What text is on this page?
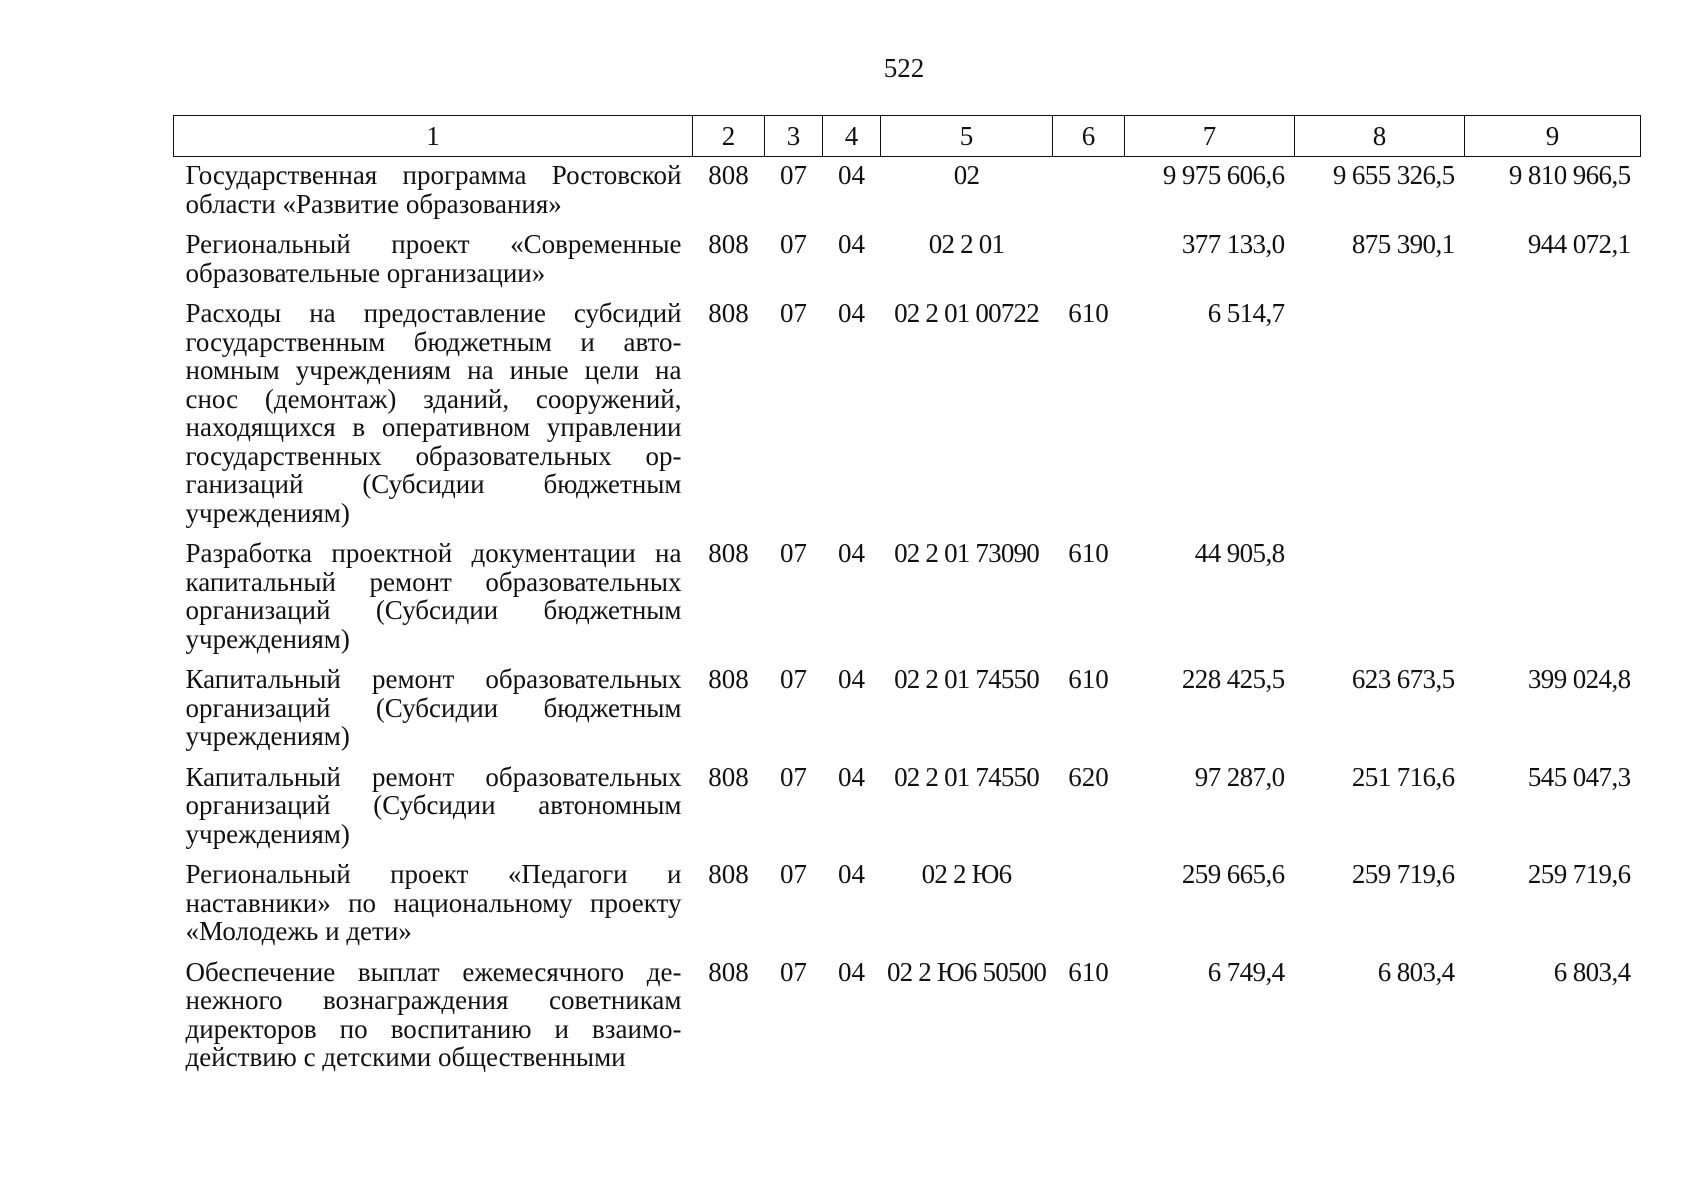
522
1	2	3	4	5	6	7	8	9
Государственная программа Ростовской области «Развитие образования»	808	07	04	02		9 975 606,6	9 655 326,5	9 810 966,5
Региональный проект «Современные образовательные организации»	808	07	04	02 2 01		377 133,0	875 390,1	944 072,1
Расходы на предоставление субсидий государственным бюджетным и автономным учреждениям на иные цели на снос (демонтаж) зданий, сооружений, находящихся в оперативном управлении государственных образовательных организаций (Субсидии бюджетным учреждениям)	808	07	04	02 2 01 00722	610	6 514,7		
Разработка проектной документации на капитальный ремонт образовательных организаций (Субсидии бюджетным учреждениям)	808	07	04	02 2 01 73090	610	44 905,8		
Капитальный ремонт образовательных организаций (Субсидии бюджетным учреждениям)	808	07	04	02 2 01 74550	610	228 425,5	623 673,5	399 024,8
Капитальный ремонт образовательных организаций (Субсидии автономным учреждениям)	808	07	04	02 2 01 74550	620	97 287,0	251 716,6	545 047,3
Региональный проект «Педагоги и наставники» по национальному проекту «Молодежь и дети»	808	07	04	02 2 Ю6		259 665,6	259 719,6	259 719,6
Обеспечение выплат ежемесячного денежного вознаграждения советникам директоров по воспитанию и взаимодействию с детскими общественными	808	07	04	02 2 Ю6 50500	610	6 749,4	6 803,4	6 803,4
